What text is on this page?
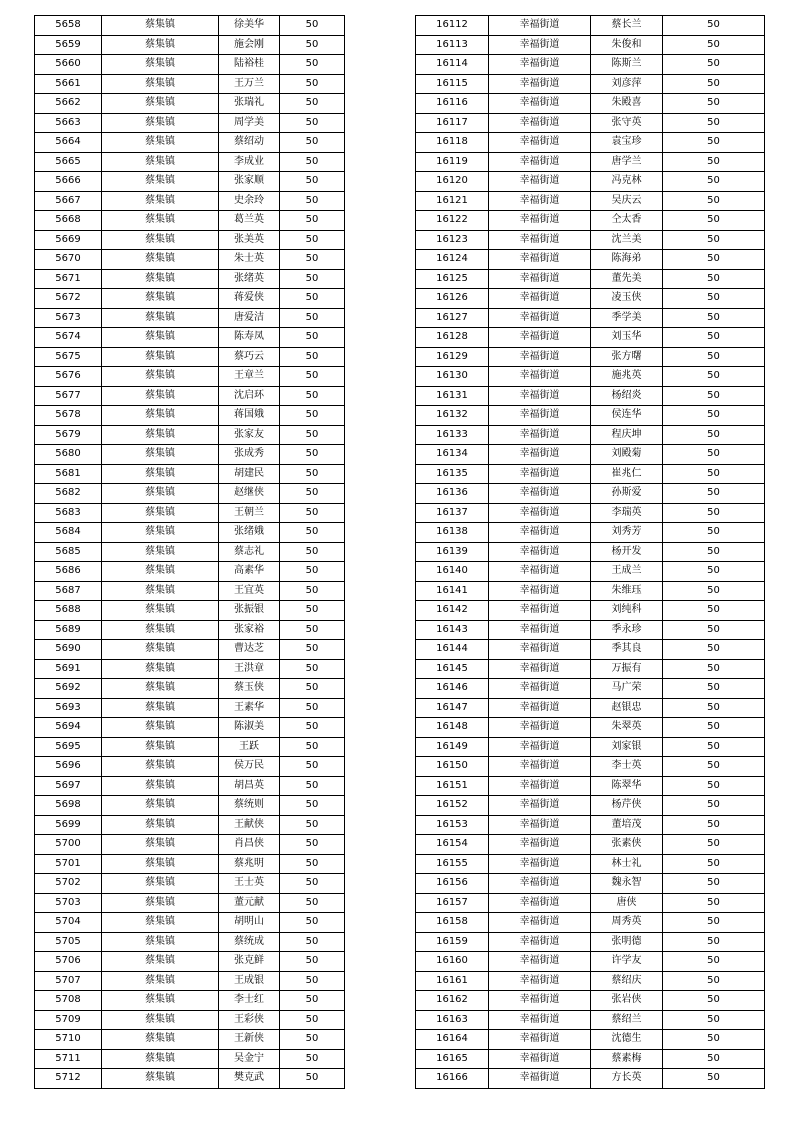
5658	蔡集镇	徐美华	50
5659	蔡集镇	施会刚	50
5660	蔡集镇	陆裕桂	50
5661	蔡集镇	王万兰	50
5662	蔡集镇	张瑞礼	50
5663	蔡集镇	周学美	50
5664	蔡集镇	蔡绍动	50
5665	蔡集镇	李成业	50
5666	蔡集镇	张家顺	50
5667	蔡集镇	史余玲	50
5668	蔡集镇	葛兰英	50
5669	蔡集镇	张美英	50
5670	蔡集镇	朱士英	50
5671	蔡集镇	张绪英	50
5672	蔡集镇	蒋爱侠	50
5673	蔡集镇	唐爱洁	50
5674	蔡集镇	陈寿凤	50
5675	蔡集镇	蔡巧云	50
5676	蔡集镇	王章兰	50
5677	蔡集镇	沈启环	50
5678	蔡集镇	蒋国娥	50
5679	蔡集镇	张家友	50
5680	蔡集镇	张成秀	50
5681	蔡集镇	胡建民	50
5682	蔡集镇	赵继侠	50
5683	蔡集镇	王朝兰	50
5684	蔡集镇	张绪娥	50
5685	蔡集镇	蔡志礼	50
5686	蔡集镇	高素华	50
5687	蔡集镇	王宜英	50
5688	蔡集镇	张振银	50
5689	蔡集镇	张家裕	50
5690	蔡集镇	曹达芝	50
5691	蔡集镇	王洪章	50
5692	蔡集镇	蔡玉侠	50
5693	蔡集镇	王素华	50
5694	蔡集镇	陈淑美	50
5695	蔡集镇	王跃	50
5696	蔡集镇	侯万民	50
5697	蔡集镇	胡昌英	50
5698	蔡集镇	蔡统则	50
5699	蔡集镇	王献侠	50
5700	蔡集镇	肖昌侠	50
5701	蔡集镇	蔡兆明	50
5702	蔡集镇	王士英	50
5703	蔡集镇	董元献	50
5704	蔡集镇	胡明山	50
5705	蔡集镇	蔡统成	50
5706	蔡集镇	张克鲜	50
5707	蔡集镇	王成银	50
5708	蔡集镇	李士红	50
5709	蔡集镇	王彩侠	50
5710	蔡集镇	王新侠	50
5711	蔡集镇	吴金宁	50
5712	蔡集镇	樊克武	50
16112	幸福街道	蔡长兰	50
16113	幸福街道	朱俊和	50
16114	幸福街道	陈斯兰	50
16115	幸福街道	刘彦萍	50
16116	幸福街道	朱殿喜	50
16117	幸福街道	张守英	50
16118	幸福街道	袁宝珍	50
16119	幸福街道	唐学兰	50
16120	幸福街道	冯克林	50
16121	幸福街道	吴庆云	50
16122	幸福街道	仝太香	50
16123	幸福街道	沈兰美	50
16124	幸福街道	陈海弟	50
16125	幸福街道	董先美	50
16126	幸福街道	凌玉侠	50
16127	幸福街道	季学美	50
16128	幸福街道	刘玉华	50
16129	幸福街道	张方曙	50
16130	幸福街道	施兆英	50
16131	幸福街道	杨绍炎	50
16132	幸福街道	侯连华	50
16133	幸福街道	程庆坤	50
16134	幸福街道	刘殿菊	50
16135	幸福街道	崔兆仁	50
16136	幸福街道	孙斯爱	50
16137	幸福街道	李瑞英	50
16138	幸福街道	刘秀芳	50
16139	幸福街道	杨开发	50
16140	幸福街道	王成兰	50
16141	幸福街道	朱维珏	50
16142	幸福街道	刘纯科	50
16143	幸福街道	季永珍	50
16144	幸福街道	季其良	50
16145	幸福街道	万振有	50
16146	幸福街道	马广荣	50
16147	幸福街道	赵银忠	50
16148	幸福街道	朱翠英	50
16149	幸福街道	刘家银	50
16150	幸福街道	李士英	50
16151	幸福街道	陈翠华	50
16152	幸福街道	杨芹侠	50
16153	幸福街道	董培茂	50
16154	幸福街道	张素侠	50
16155	幸福街道	林士礼	50
16156	幸福街道	魏永智	50
16157	幸福街道	唐侠	50
16158	幸福街道	周秀英	50
16159	幸福街道	张明德	50
16160	幸福街道	许学友	50
16161	幸福街道	蔡绍庆	50
16162	幸福街道	张岩侠	50
16163	幸福街道	蔡绍兰	50
16164	幸福街道	沈德生	50
16165	幸福街道	蔡素梅	50
16166	幸福街道	方长英	50
